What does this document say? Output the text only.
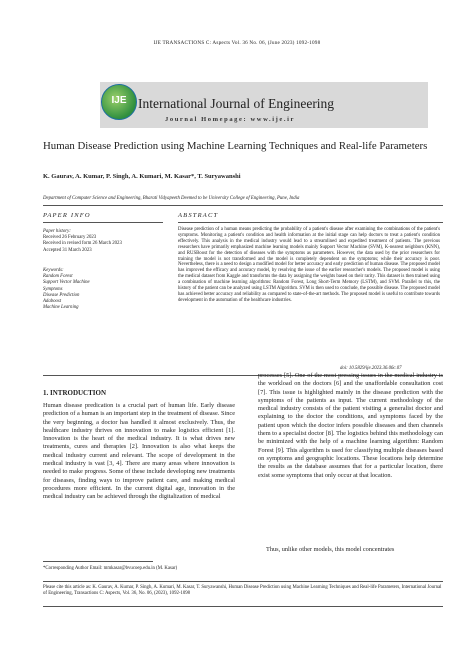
IJE TRANSACTIONS C: Aspects Vol. 36 No. 06, (June 2023) 1092-1098
IJE International Journal of Engineering
Journal Homepage: www.ije.ir
Human Disease Prediction using Machine Learning Techniques and Real-life Parameters
K. Gaurav, A. Kumar, P. Singh, A. Kumari, M. Kasar*, T. Suryawanshi
Department of Computer Science and Engineering, Bharati Vidyapeeth Deemed to be University College of Engineering, Pune, India
PAPER INFO	ABSTRACT
Paper history:
Received 26 February 2023
Received in revised form 26 March 2023
Accepted 31 March 2023
Keywords:
Random Forest
Support Vector Machine
Symptoms
Disease Prediction
Adaboost
Machine Learning
Disease prediction of a human means predicting the probability of a patient's disease after examining the combinations of the patient's symptoms. Monitoring a patient's condition and health information at the initial stage can help doctors to treat a patient's condition effectively. This analysis in the medical industry would lead to a streamlined and expedited treatment of patients. The previous researchers have primarily emphasized machine learning models mainly Support Vector Machine (SVM), K-nearest neighbors (KNN), and RUSBoost for the detection of diseases with the symptoms as parameters. However, the data used by the prior researchers for training the model is not transformed and the model is completely dependent on the symptoms; while their accuracy is poor. Nevertheless, there is a need to design a modified model for better accuracy and early prediction of human disease. The proposed model has improved the efficacy and accuracy model, by resolving the issue of the earlier researcher's models. The proposed model is using the medical dataset from Kaggle and transforms the data by assigning the weights based on their rarity. This dataset is then trained using a combination of machine learning algorithms: Random Forest, Long Short-Term Memory (LSTM), and SVM. Parallel to this, the history of the patient can be analyzed using LSTM Algorithm. SVM is then used to conclude, the possible disease. The proposed model has achieved better accuracy and reliability as compared to state-of-the-art methods. The proposed model is useful to contribute towards development in the automation of the healthcare industries.
doi: 10.5829/ije.2023.36.06c.07
1. INTRODUCTION
Human disease predication is a crucial part of human life. Early disease prediction of a human is an important step in the treatment of disease. Since the very beginning, a doctor has handled it almost exclusively. Thus, the healthcare industry thrives on innovation to make logistics efficient [1]. Innovation is the heart of the medical industry. It is what drives new treatments, cures and therapies [2]. Innovation is also what keeps the medical industry current and relevant. The scope of development in the medical industry is vast [3, 4]. There are many areas where innovation is needed to make progress. Some of these include developing new treatments for diseases, finding ways to improve patient care, and making medical procedures more efficient. In the current digital age, innovation in the medical industry can be achieved through the digitalization of medical
processes [5]. One of the most pressing issues in the medical industry is the workload on the doctors [6] and the unaffordable consultation cost [7]. This issue is highlighted mainly in the disease prediction with the symptoms of the patients as input. The current methodology of the medical industry consists of the patient visiting a generalist doctor and explaining to the doctor the conditions, and symptoms faced by the patient upon which the doctor infers possible diseases and then channels them to a specialist doctor [8]. The logistics behind this methodology can be minimized with the help of a machine learning algorithm: Random Forest [9]. This algorithm is used for classifying multiple diseases based on symptoms and geographic locations. These locations help determine the results as the database assumes that for a particular location, there exist some symptoms that only occur at that location.
Thus, unlike other models, this model concentrates
*Corresponding Author Email: mmkasar@bvucoep.edu.in (M. Kasar)
Please cite this article as: K. Gaurav, A. Kumar, P. Singh, A. Kumari, M. Kasar, T. Suryawanshi, Human Disease Prediction using Machine Learning Techniques and Real-life Parameters, International Journal of Engineering, Transactions C: Aspects, Vol. 36, No. 06, (2023), 1092-1098
